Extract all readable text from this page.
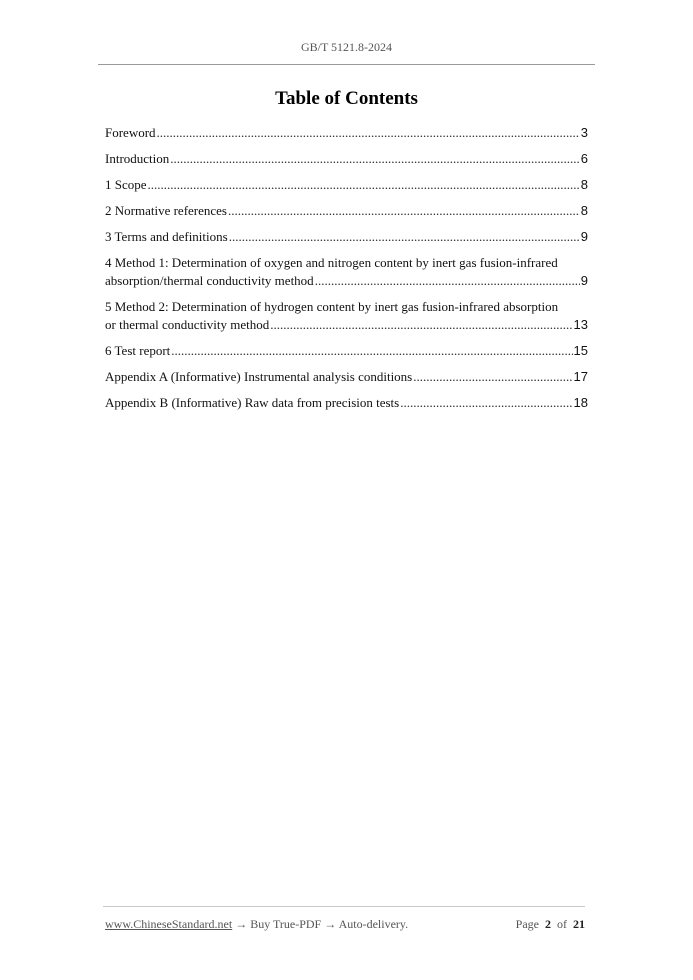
GB/T 5121.8-2024
Table of Contents
Foreword .....	3
Introduction .....	6
1 Scope .....	8
2 Normative references .....	8
3 Terms and definitions .....	9
4 Method 1: Determination of oxygen and nitrogen content by inert gas fusion-infrared
absorption/thermal conductivity method .....	9
5 Method 2: Determination of hydrogen content by inert gas fusion-infrared absorption
or thermal conductivity method .....	13
6 Test report .....	15
Appendix A (Informative) Instrumental analysis conditions .....	17
Appendix B (Informative) Raw data from precision tests .....	18
www.ChineseStandard.net → Buy True-PDF → Auto-delivery.	Page 2 of 21
